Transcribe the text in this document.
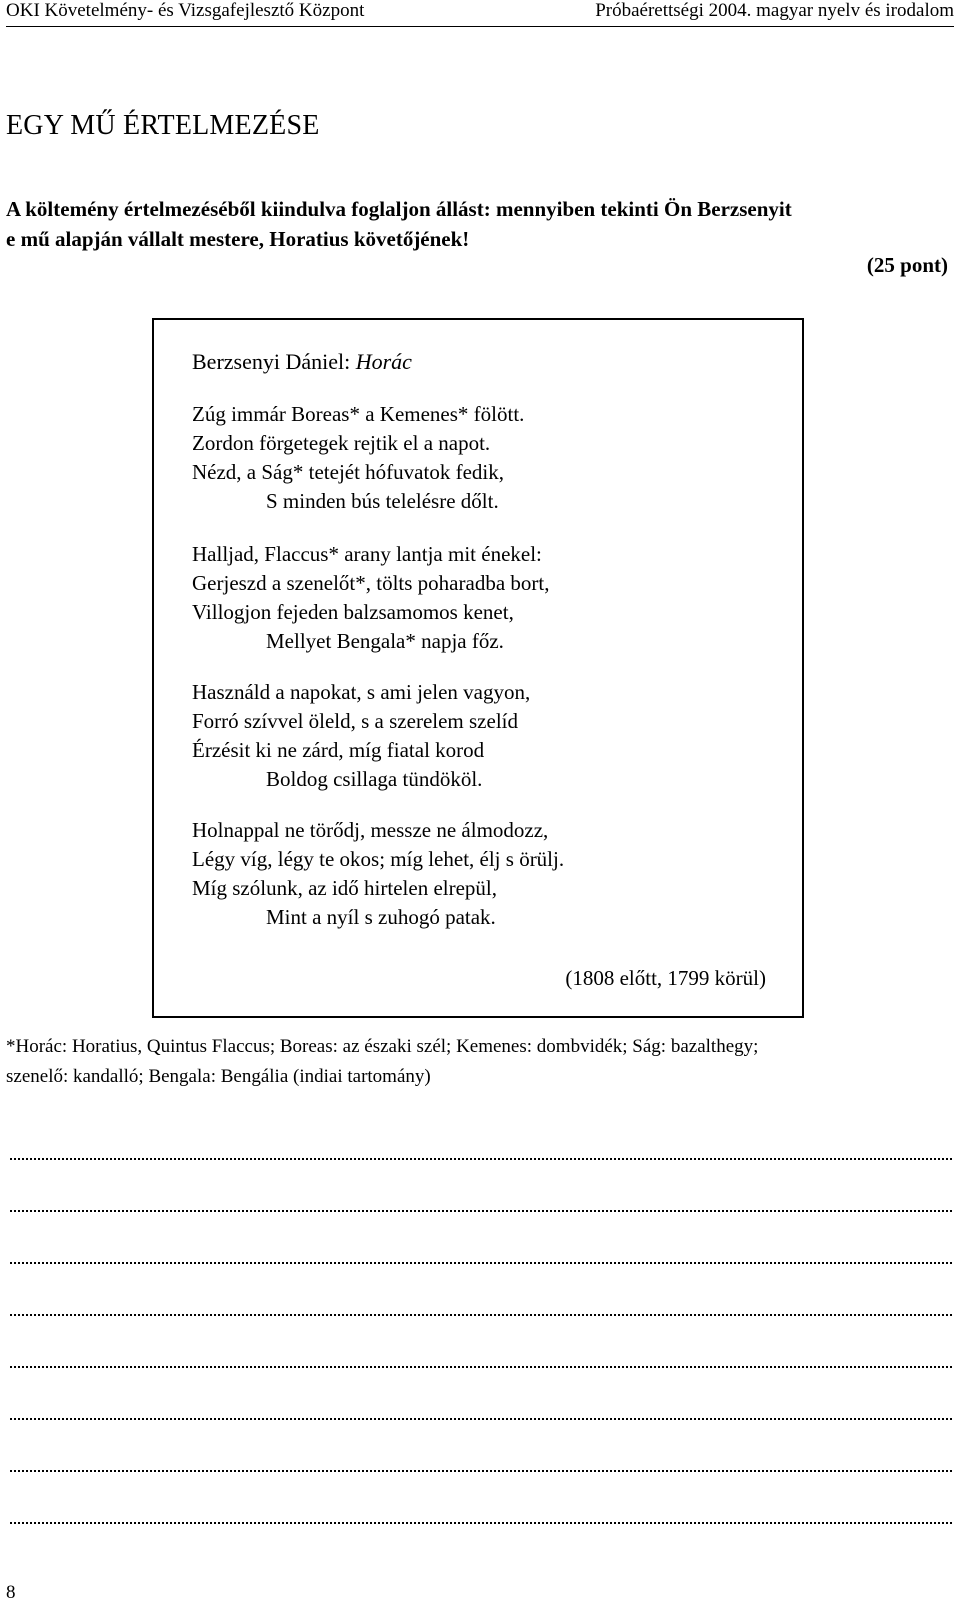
OKI Követelmény- és Vizsgafejlesztő Központ	Próbaérettségi 2004. magyar nyelv és irodalom
EGY MŰ ÉRTELMEZÉSE
A költemény értelmezéséből kiindulva foglaljon állást: mennyiben tekinti Ön Berzsenyit
e mű alapján vállalt mestere, Horatius követőjének!
(25 pont)
Berzsenyi Dániel: Horác
Zúg immár Boreas* a Kemenes* fölött.
Zordon förgetegek rejtik el a napot.
Nézd, a Ság* tetejét hófuvatok fedik,
S minden bús telelésre dőlt.
Halljad, Flaccus* arany lantja mit énekel:
Gerjeszd a szenelőt*, tölts poharadba bort,
Villogjon fejeden balzsamomos kenet,
Mellyet Bengala* napja főz.
Használd a napokat, s ami jelen vagyon,
Forró szívvel öleld, s a szerelem szelíd
Érzésit ki ne zárd, míg fiatal korod
Boldog csillaga tündököl.
Holnappal ne törődj, messze ne álmodozz,
Légy víg, légy te okos; míg lehet, élj s örülj.
Míg szólunk, az idő hirtelen elrepül,
Mint a nyíl s zuhogó patak.
(1808 előtt, 1799 körül)
*Horác: Horatius, Quintus Flaccus; Boreas: az északi szél; Kemenes: dombvidék; Ság: bazalthegy;
szenelő: kandalló; Bengala: Bengália (indiai tartomány)
8
